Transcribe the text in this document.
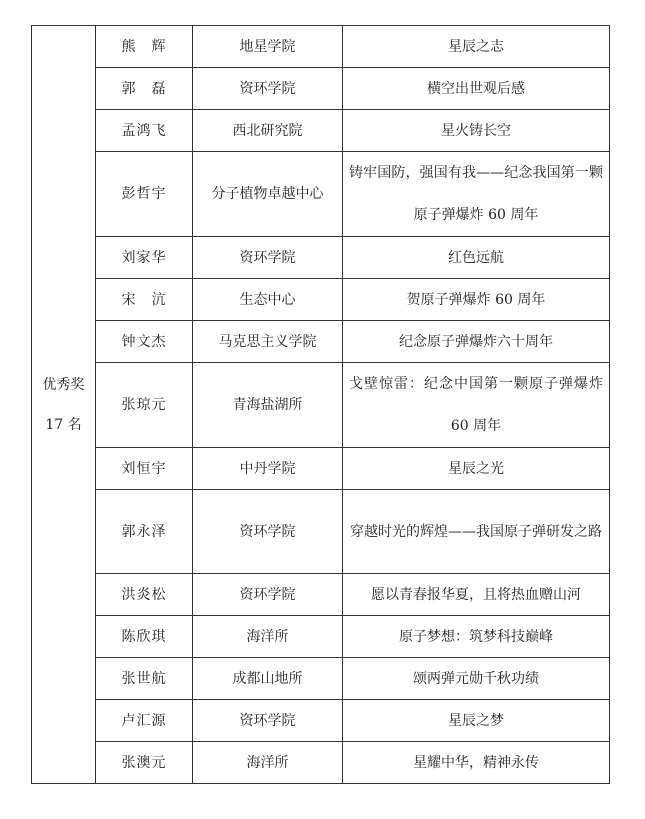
优秀奖
17 名	熊　辉	地星学院	星辰之志
	郭　磊	资环学院	横空出世观后感
	孟鸿飞	西北研究院	星火铸长空
	彭哲宇	分子植物卓越中心	铸牢国防，强国有我——纪念我国第一颗原子弹爆炸 60 周年
	刘家华	资环学院	红色远航
	宋　沆	生态中心	贺原子弹爆炸 60 周年
	钟文杰	马克思主义学院	纪念原子弹爆炸六十周年
	张琼元	青海盐湖所	戈壁惊雷：纪念中国第一颗原子弹爆炸 60 周年
	刘恒宇	中丹学院	星辰之光
	郭永泽	资环学院	穿越时光的辉煌——我国原子弹研发之路
	洪炎松	资环学院	愿以青春报华夏，且将热血赠山河
	陈欣琪	海洋所	原子梦想：筑梦科技巅峰
	张世航	成都山地所	颂两弹元勋千秋功绩
	卢汇源	资环学院	星辰之梦
	张澳元	海洋所	星耀中华，精神永传
